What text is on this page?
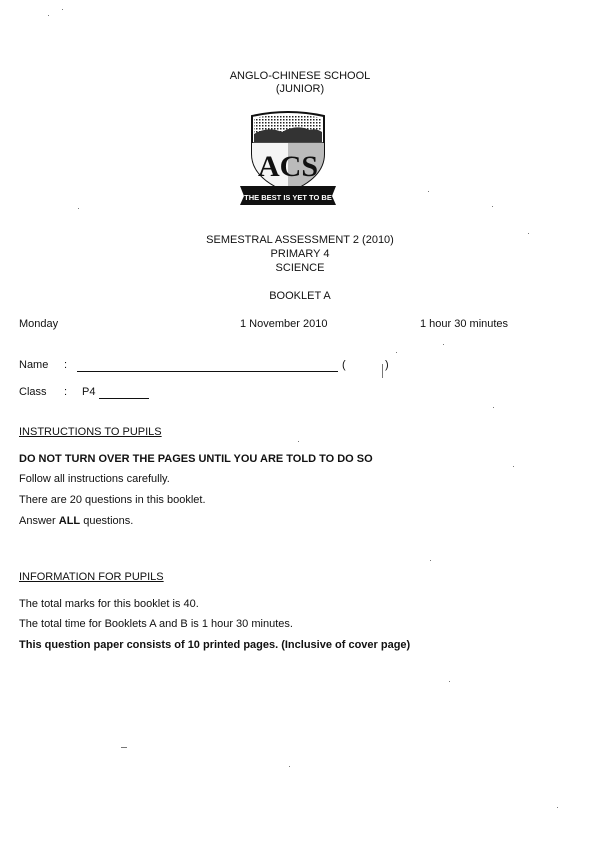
ANGLO-CHINESE SCHOOL
(JUNIOR)
ACS
THE BEST IS YET TO BE
SEMESTRAL ASSESSMENT 2 (2010)
PRIMARY 4
SCIENCE
BOOKLET A
Monday	1 November 2010	1 hour 30 minutes
Name :	(	)
Class : P4
INSTRUCTIONS TO PUPILS
DO NOT TURN OVER THE PAGES UNTIL YOU ARE TOLD TO DO SO
Follow all instructions carefully.
There are 20 questions in this booklet.
Answer ALL questions.
INFORMATION FOR PUPILS
The total marks for this booklet is 40.
The total time for Booklets A and B is 1 hour 30 minutes.
This question paper consists of 10 printed pages. (Inclusive of cover page)
